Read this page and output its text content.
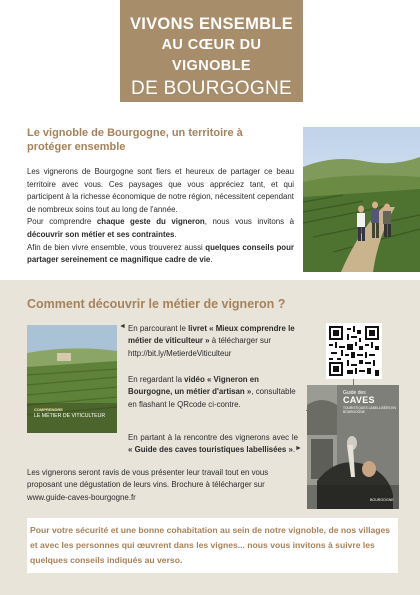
VIVONS ENSEMBLE
AU CŒUR DU VIGNOBLE
DE BOURGOGNE
Le vignoble de Bourgogne, un territoire à protéger ensemble

Les vignerons de Bourgogne sont fiers et heureux de partager ce beau territoire avec vous. Ces paysages que vous appréciez tant, et qui participent à la richesse économique de notre région, nécessitent cependant de nombreux soins tout au long de l'année.

Pour comprendre chaque geste du vigneron, nous vous invitons à découvrir son métier et ses contraintes.

Afin de bien vivre ensemble, vous trouverez aussi quelques conseils pour partager sereinement ce magnifique cadre de vie.

Comment découvrir le métier de vigneron ?
COMPRENDRE
LE MÉTIER DE VITICULTEUR
◄ En parcourant le livret « Mieux comprendre le métier de viticulteur » à télécharger sur
http://bit.ly/MetierdeViticulteur
En regardant la vidéo « Vigneron en Bourgogne, un métier d'artisan », consultable en flashant le QRcode ci-contre.
En partant à la rencontre des vignerons avec le « Guide des caves touristiques labellisées ». ►
Guide des
CAVES
TOURISTIQUES LABELLISÉES EN BOURGOGNE
BOURGOGNE
Les vignerons seront ravis de vous présenter leur travail tout en vous proposant une dégustation de leurs vins. Brochure à télécharger sur
www.guide-caves-bourgogne.fr

Pour votre sécurité et une bonne cohabitation au sein de notre vignoble, de nos villages et avec les personnes qui œuvrent dans les vignes... nous vous invitons à suivre les quelques conseils indiqués au verso.
